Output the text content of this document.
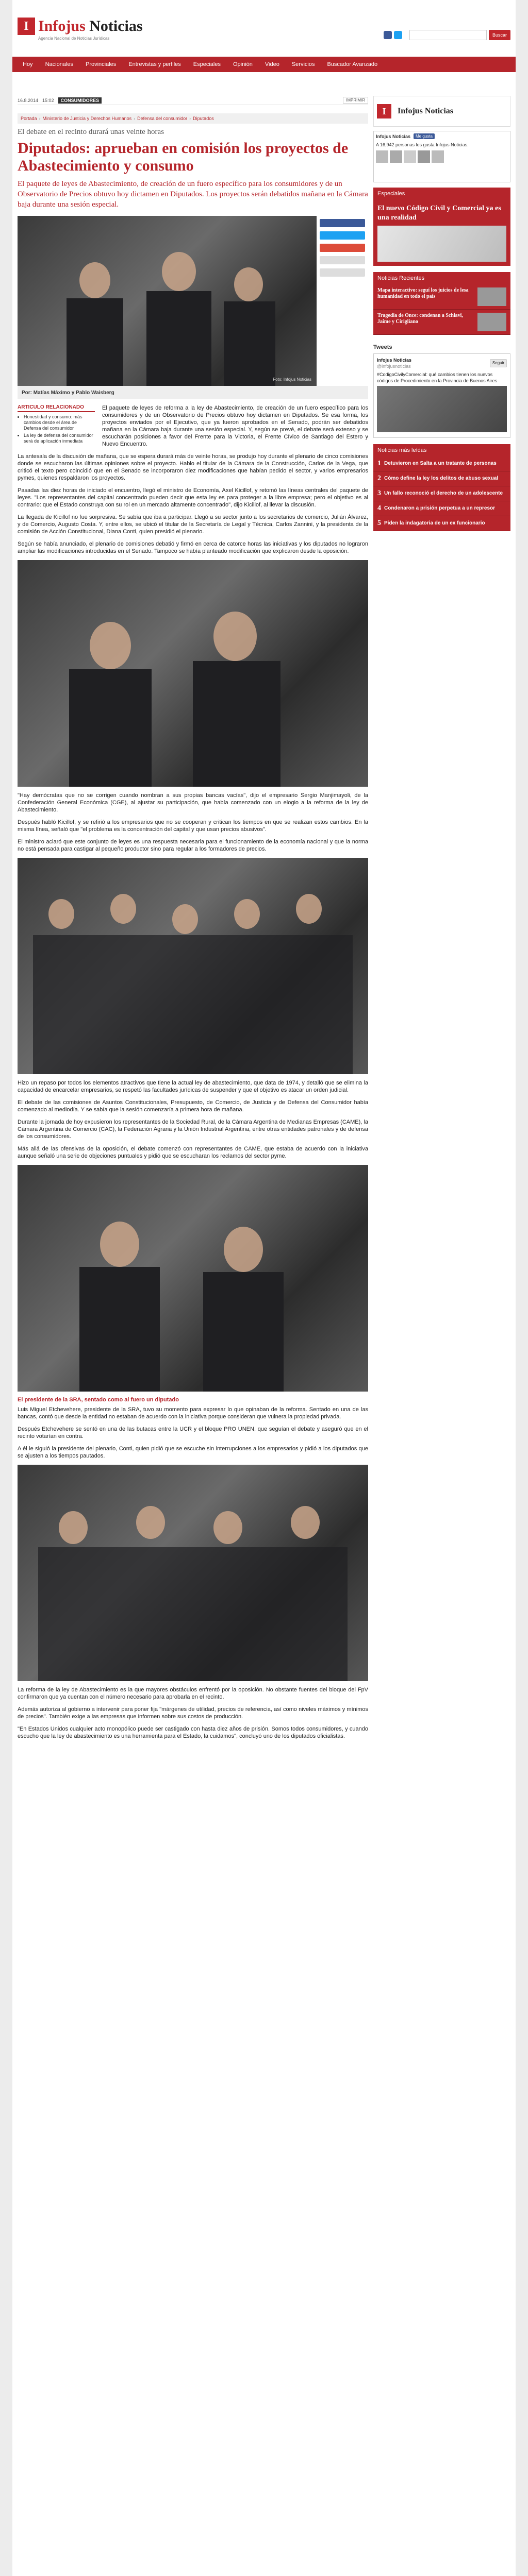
I Infojus Noticias
Agencia Nacional de Noticias Jurídicas
Buscar
Hoy	Nacionales	Provinciales	Entrevistas y perfiles	Especiales	Opinión	Video	Servicios	Buscador Avanzado
16.8.2014 15:02	CONSUMIDORES	IMPRIMIR
Portada › Ministerio de Justicia y Derechos Humanos › Defensa del consumidor › Diputados
El debate en el recinto durará unas veinte horas
Diputados: aprueban en comisión los proyectos de Abastecimiento y consumo
El paquete de leyes de Abastecimiento, de creación de un fuero específico para los consumidores y de un Observatorio de Precios obtuvo hoy dictamen en Diputados. Los proyectos serán debatidos mañana en la Cámara baja durante una sesión especial.
Foto: Infojus Noticias
Por: Matías Máximo y Pablo Waisberg
ARTICULO RELACIONADO
• Honestidad y consumo: más cambios desde el área de Defensa del consumidor
• La ley de defensa del consumidor será de aplicación inmediata

El paquete de leyes de reforma a la ley de Abastecimiento, de creación de un fuero específico para los consumidores y de un Observatorio de Precios obtuvo hoy dictamen en Diputados. Se esa forma, los proyectos enviados por el Ejecutivo, que ya fueron aprobados en el Senado, podrán ser debatidos mañana en la Cámara baja durante una sesión especial. Y, según se prevé, el debate será extenso y se escucharán posiciones a favor del Frente para la Victoria, el Frente Cívico de Santiago del Estero y Nuevo Encuentro.

La antesala de la discusión de mañana, que se espera durará más de veinte horas, se produjo hoy durante el plenario de cinco comisiones donde se escucharon las últimas opiniones sobre el proyecto. Hablo el titular de la Cámara de la Construcción, Carlos de la Vega, que criticó el texto pero coincidió que en el Senado se incorporaron diez modificaciones que habían pedido el sector, y varios empresarios pymes, quienes respaldaron los proyectos.

Pasadas las diez horas de iniciado el encuentro, llegó el ministro de Economía, Axel Kicillof, y retomó las líneas centrales del paquete de leyes. "Los representantes del capital concentrado pueden decir que esta ley es para proteger a la libre empresa; pero el objetivo es al contrario: que el Estado construya con su rol en un mercado altamente concentrado", dijo Kicillof, al llevar la discusión.

La llegada de Kicillof no fue sorpresiva. Se sabía que iba a participar. Llegó a su sector junto a los secretarios de comercio, Julián Álvarez, y de Comercio, Augusto Costa. Y, entre ellos, se ubicó el titular de la Secretaría de Legal y Técnica, Carlos Zannini, y la presidenta de la comisión de Acción Constitucional, Diana Conti, quien presidió el plenario.

Según se había anunciado, el plenario de comisiones debatió y firmó en cerca de catorce horas las iniciativas y los diputados no lograron ampliar las modificaciones introducidas en el Senado. Tampoco se había planteado modificación que explicaron desde la oposición.

"Hay demócratas que no se corrigen cuando nombran a sus propias bancas vacías", dijo el empresario Sergio Manjimayoli, de la Confederación General Económica (CGE), al ajustar su participación, que había comenzado con un elogio a la reforma de la ley de Abastecimiento.

Después habló Kicillof, y se refirió a los empresarios que no se cooperan y critican los tiempos en que se realizan estos cambios. En la misma línea, señaló que "el problema es la concentración del capital y que usan precios abusivos".

El ministro aclaró que este conjunto de leyes es una respuesta necesaria para el funcionamiento de la economía nacional y que la norma no está pensada para castigar al pequeño productor sino para regular a los formadores de precios.

Hizo un repaso por todos los elementos atractivos que tiene la actual ley de abastecimiento, que data de 1974, y detalló que se elimina la capacidad de encarcelar empresarios, se respetó las facultades jurídicas de suspender y que el objetivo es atacar un orden judicial.

El debate de las comisiones de Asuntos Constitucionales, Presupuesto, de Comercio, de Justicia y de Defensa del Consumidor había comenzado al mediodía. Y se sabía que la sesión comenzaría a primera hora de mañana.

Durante la jornada de hoy expusieron los representantes de la Sociedad Rural, de la Cámara Argentina de Medianas Empresas (CAME), la Cámara Argentina de Comercio (CAC), la Federación Agraria y la Unión Industrial Argentina, entre otras entidades patronales y de defensa de los consumidores.

Más allá de las ofensivas de la oposición, el debate comenzó con representantes de CAME, que estaba de acuerdo con la iniciativa aunque señaló una serie de objeciones puntuales y pidió que se escucharan los reclamos del sector pyme.

El presidente de la SRA, sentado como al fuero un diputado

Luis Miguel Etchevehere, presidente de la SRA, tuvo su momento para expresar lo que opinaban de la reforma. Sentado en una de las bancas, contó que desde la entidad no estaban de acuerdo con la iniciativa porque consideran que vulnera la propiedad privada.

Después Etchevehere se sentó en una de las butacas entre la UCR y el bloque PRO UNEN, que seguían el debate y aseguró que en el recinto votarían en contra.

A él le siguió la presidente del plenario, Conti, quien pidió que se escuche sin interrupciones a los empresarios y pidió a los diputados que se ajusten a los tiempos pautados.

La reforma de la ley de Abastecimiento es la que mayores obstáculos enfrentó por la oposición. No obstante fuentes del bloque del FpV confirmaron que ya cuentan con el número necesario para aprobarla en el recinto.

Además autoriza al gobierno a intervenir para poner fija "márgenes de utilidad, precios de referencia, así como niveles máximos y mínimos de precios". También exige a las empresas que informen sobre sus costos de producción.

"En Estados Unidos cualquier acto monopólico puede ser castigado con hasta diez años de prisión. Somos todos consumidores, y cuando escucho que la ley de abastecimiento es una herramienta para el Estado, la cuidamos", concluyó uno de los diputados oficialistas.

I	Infojus Noticias
Infojus Noticias	Me gusta
A 16,942 personas les gusta Infojus Noticias.
Especiales
El nuevo Código Civil y Comercial ya es una realidad
Noticias Recientes
Mapa interactivo: seguí los juicios de lesa humanidad en todo el país
Tragedia de Once: condenan a Schiavi, Jaime y Cirigliano
Tweets
Infojus Noticias
@infojusnoticias
Seguir
#CodigoCivilyComercial: qué cambios tienen los nuevos códigos de Procedimiento en la Provincia de Buenos Aires
Noticias más leídas
1 Detuvieron en Salta a un tratante de personas
2 Cómo define la ley los delitos de abuso sexual
3 Un fallo reconoció el derecho de un adolescente
4 Condenaron a prisión perpetua a un represor
5 Piden la indagatoria de un ex funcionario
